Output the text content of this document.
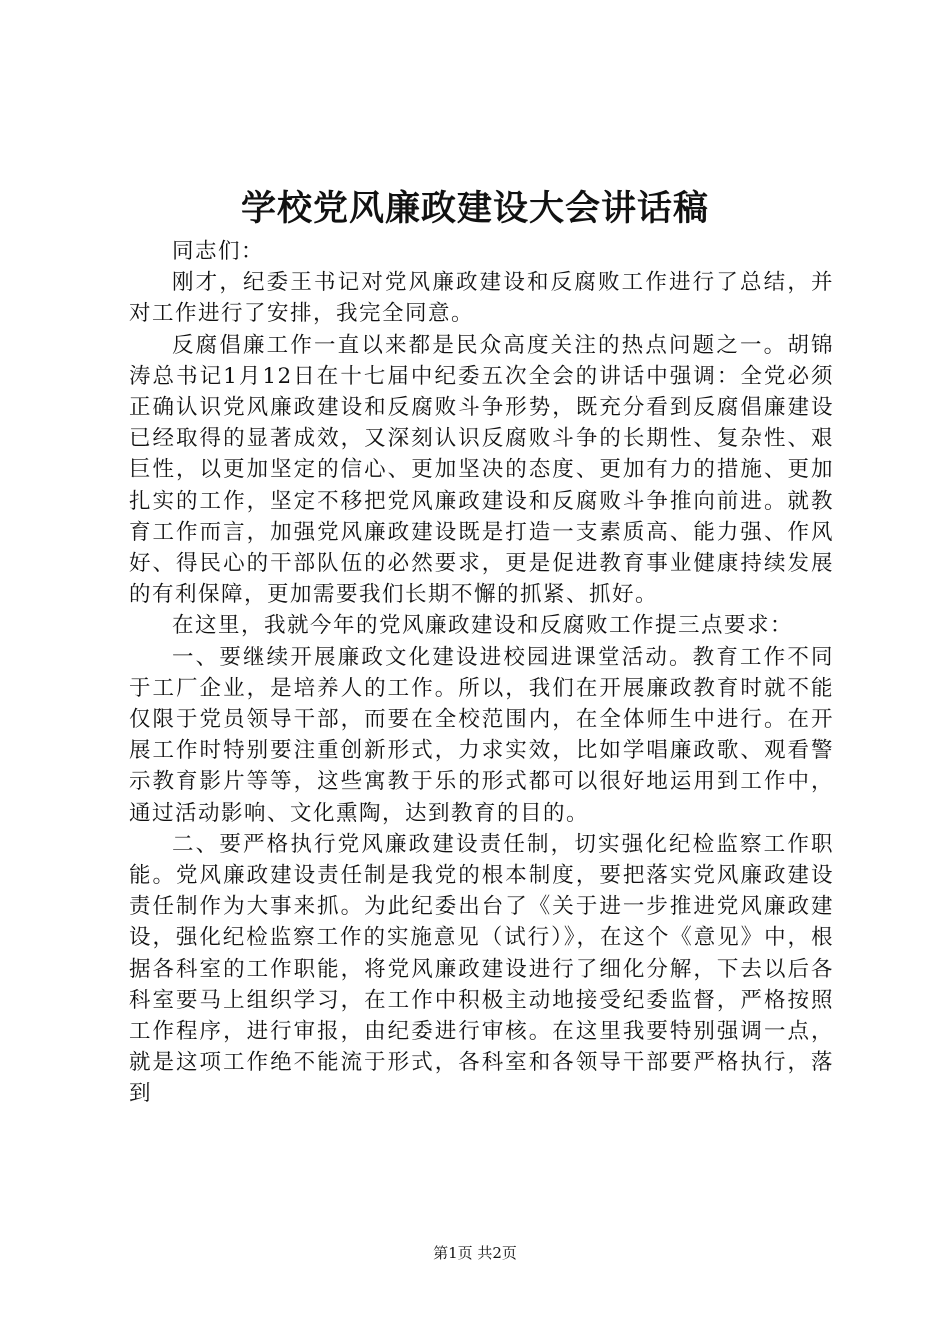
学校党风廉政建设大会讲话稿

同志们：

刚才，纪委王书记对党风廉政建设和反腐败工作进行了总结，并对工作进行了安排，我完全同意。

反腐倡廉工作一直以来都是民众高度关注的热点问题之一。胡锦涛总书记1月12日在十七届中纪委五次全会的讲话中强调：全党必须正确认识党风廉政建设和反腐败斗争形势，既充分看到反腐倡廉建设已经取得的显著成效，又深刻认识反腐败斗争的长期性、复杂性、艰巨性，以更加坚定的信心、更加坚决的态度、更加有力的措施、更加扎实的工作，坚定不移把党风廉政建设和反腐败斗争推向前进。就教育工作而言，加强党风廉政建设既是打造一支素质高、能力强、作风好、得民心的干部队伍的必然要求，更是促进教育事业健康持续发展的有利保障，更加需要我们长期不懈的抓紧、抓好。

在这里，我就今年的党风廉政建设和反腐败工作提三点要求：

一、要继续开展廉政文化建设进校园进课堂活动。教育工作不同于工厂企业，是培养人的工作。所以，我们在开展廉政教育时就不能仅限于党员领导干部，而要在全校范围内，在全体师生中进行。在开展工作时特别要注重创新形式，力求实效，比如学唱廉政歌、观看警示教育影片等等，这些寓教于乐的形式都可以很好地运用到工作中，通过活动影响、文化熏陶，达到教育的目的。

二、要严格执行党风廉政建设责任制，切实强化纪检监察工作职能。党风廉政建设责任制是我党的根本制度，要把落实党风廉政建设责任制作为大事来抓。为此纪委出台了《关于进一步推进党风廉政建设，强化纪检监察工作的实施意见（试行）》，在这个《意见》中，根据各科室的工作职能，将党风廉政建设进行了细化分解，下去以后各科室要马上组织学习，在工作中积极主动地接受纪委监督，严格按照工作程序，进行审报，由纪委进行审核。在这里我要特别强调一点，就是这项工作绝不能流于形式，各科室和各领导干部要严格执行，落到

第1页 共2页
